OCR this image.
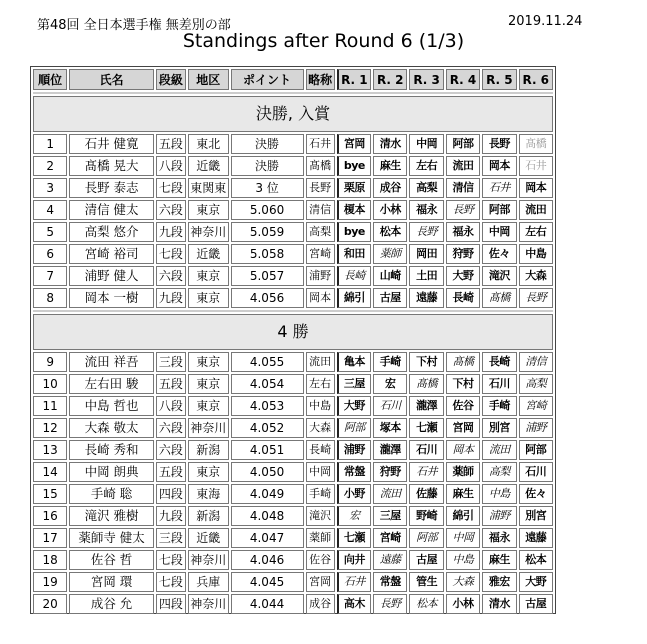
第48回 全日本選手権 無差別の部	2019.11.24
Standings after Round 6 (1/3)
順位	氏名	段級	地区	ポイント	略称	R. 1	R. 2	R. 3	R. 4	R. 5	R. 6

決勝, 入賞											
1	石井 健寛	五段	東北	決勝	石井	宮岡	清水	中岡	阿部	長野	髙橋
2	髙橋 晃大	八段	近畿	決勝	髙橋	bye	麻生	左右	流田	岡本	石井
3	長野 泰志	七段	東関東	3 位	長野	栗原	成谷	高梨	清信	石井	岡本
4	清信 健太	六段	東京	5.060	清信	榎本	小林	福永	長野	阿部	流田
5	高梨 悠介	九段	神奈川	5.059	高梨	bye	松本	長野	福永	中岡	左右
6	宮崎 裕司	七段	近畿	5.058	宮崎	和田	薬師	岡田	狩野	佐々	中島
7	浦野 健人	六段	東京	5.057	浦野	長崎	山崎	土田	大野	滝沢	大森
8	岡本 一樹	九段	東京	4.056	岡本	綿引	古屋	遠藤	長崎	髙橋	長野

4 勝											
9	流田 祥吾	三段	東京	4.055	流田	亀本	手崎	下村	髙橋	長崎	清信
10	左右田 駿	五段	東京	4.054	左右	三屋	宏	髙橋	下村	石川	高梨
11	中島 哲也	八段	東京	4.053	中島	大野	石川	瀧澤	佐谷	手崎	宮崎
12	大森 敬太	六段	神奈川	4.052	大森	阿部	塚本	七瀬	宮岡	別宮	浦野
13	長崎 秀和	六段	新潟	4.051	長崎	浦野	瀧澤	石川	岡本	流田	阿部
14	中岡 朗典	五段	東京	4.050	中岡	常盤	狩野	石井	薬師	高梨	石川
15	手崎 聡	四段	東海	4.049	手崎	小野	流田	佐藤	麻生	中島	佐々
16	滝沢 雅樹	九段	新潟	4.048	滝沢	宏	三屋	野崎	綿引	浦野	別宮
17	薬師寺 健太	三段	近畿	4.047	薬師	七瀬	宮崎	阿部	中岡	福永	遠藤
18	佐谷 哲	七段	神奈川	4.046	佐谷	向井	遠藤	古屋	中島	麻生	松本
19	宮岡 環	七段	兵庫	4.045	宮岡	石井	常盤	管生	大森	雅宏	大野
20	成谷 允	四段	神奈川	4.044	成谷	高木	長野	松本	小林	清水	古屋
